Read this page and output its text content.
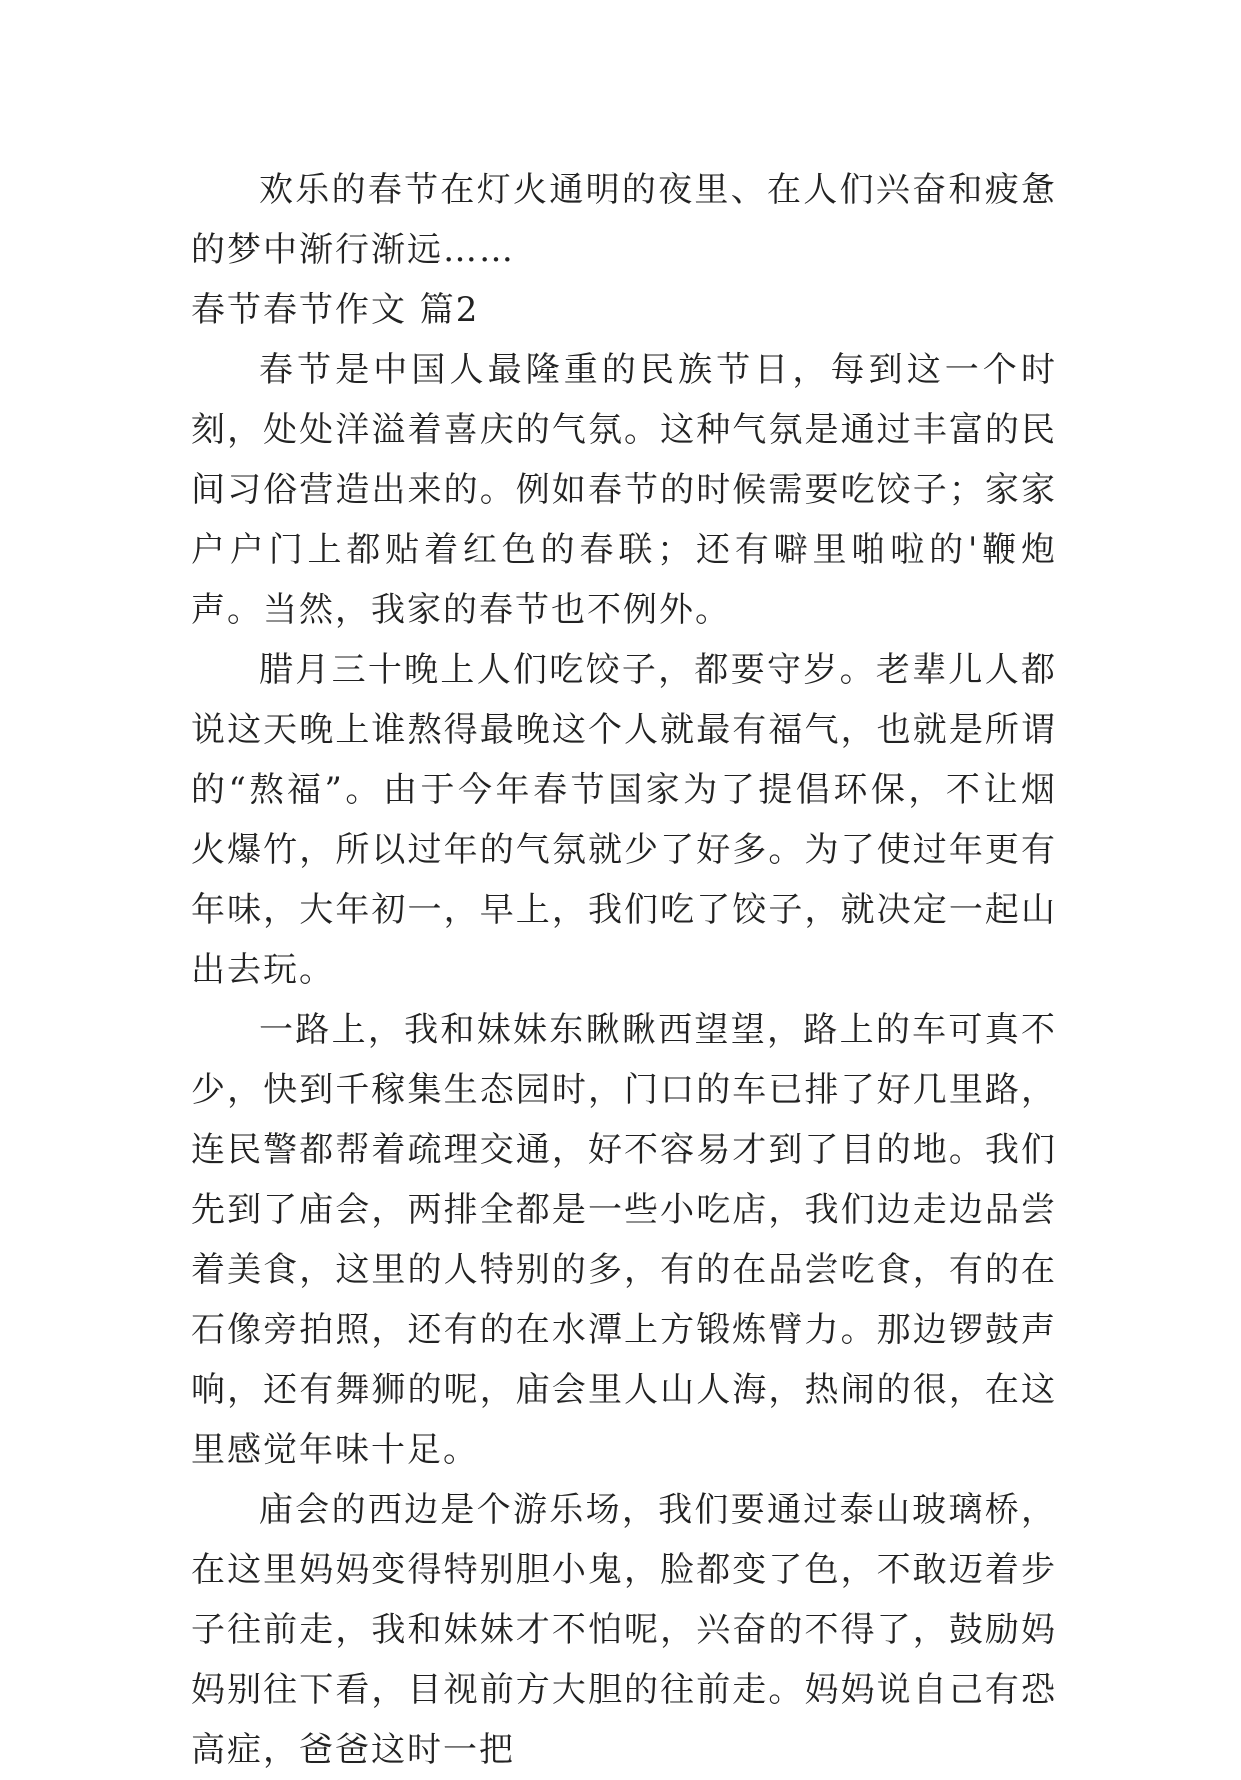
欢乐的春节在灯火通明的夜里、在人们兴奋和疲惫的梦中渐行渐远……

春节春节作文 篇2

春节是中国人最隆重的民族节日，每到这一个时刻，处处洋溢着喜庆的气氛。这种气氛是通过丰富的民间习俗营造出来的。例如春节的时候需要吃饺子；家家户户门上都贴着红色的春联；还有噼里啪啦的'鞭炮声。当然，我家的春节也不例外。

腊月三十晚上人们吃饺子，都要守岁。老辈儿人都说这天晚上谁熬得最晚这个人就最有福气，也就是所谓的“熬福”。由于今年春节国家为了提倡环保，不让烟火爆竹，所以过年的气氛就少了好多。为了使过年更有年味，大年初一，早上，我们吃了饺子，就决定一起山出去玩。

一路上，我和妹妹东瞅瞅西望望，路上的车可真不少，快到千稼集生态园时，门口的车已排了好几里路，连民警都帮着疏理交通，好不容易才到了目的地。我们先到了庙会，两排全都是一些小吃店，我们边走边品尝着美食，这里的人特别的多，有的在品尝吃食，有的在石像旁拍照，还有的在水潭上方锻炼臂力。那边锣鼓声响，还有舞狮的呢，庙会里人山人海，热闹的很，在这里感觉年味十足。

庙会的西边是个游乐场，我们要通过泰山玻璃桥，在这里妈妈变得特别胆小鬼，脸都变了色，不敢迈着步子往前走，我和妹妹才不怕呢，兴奋的不得了，鼓励妈妈别往下看，目视前方大胆的往前走。妈妈说自己有恐高症，爸爸这时一把
